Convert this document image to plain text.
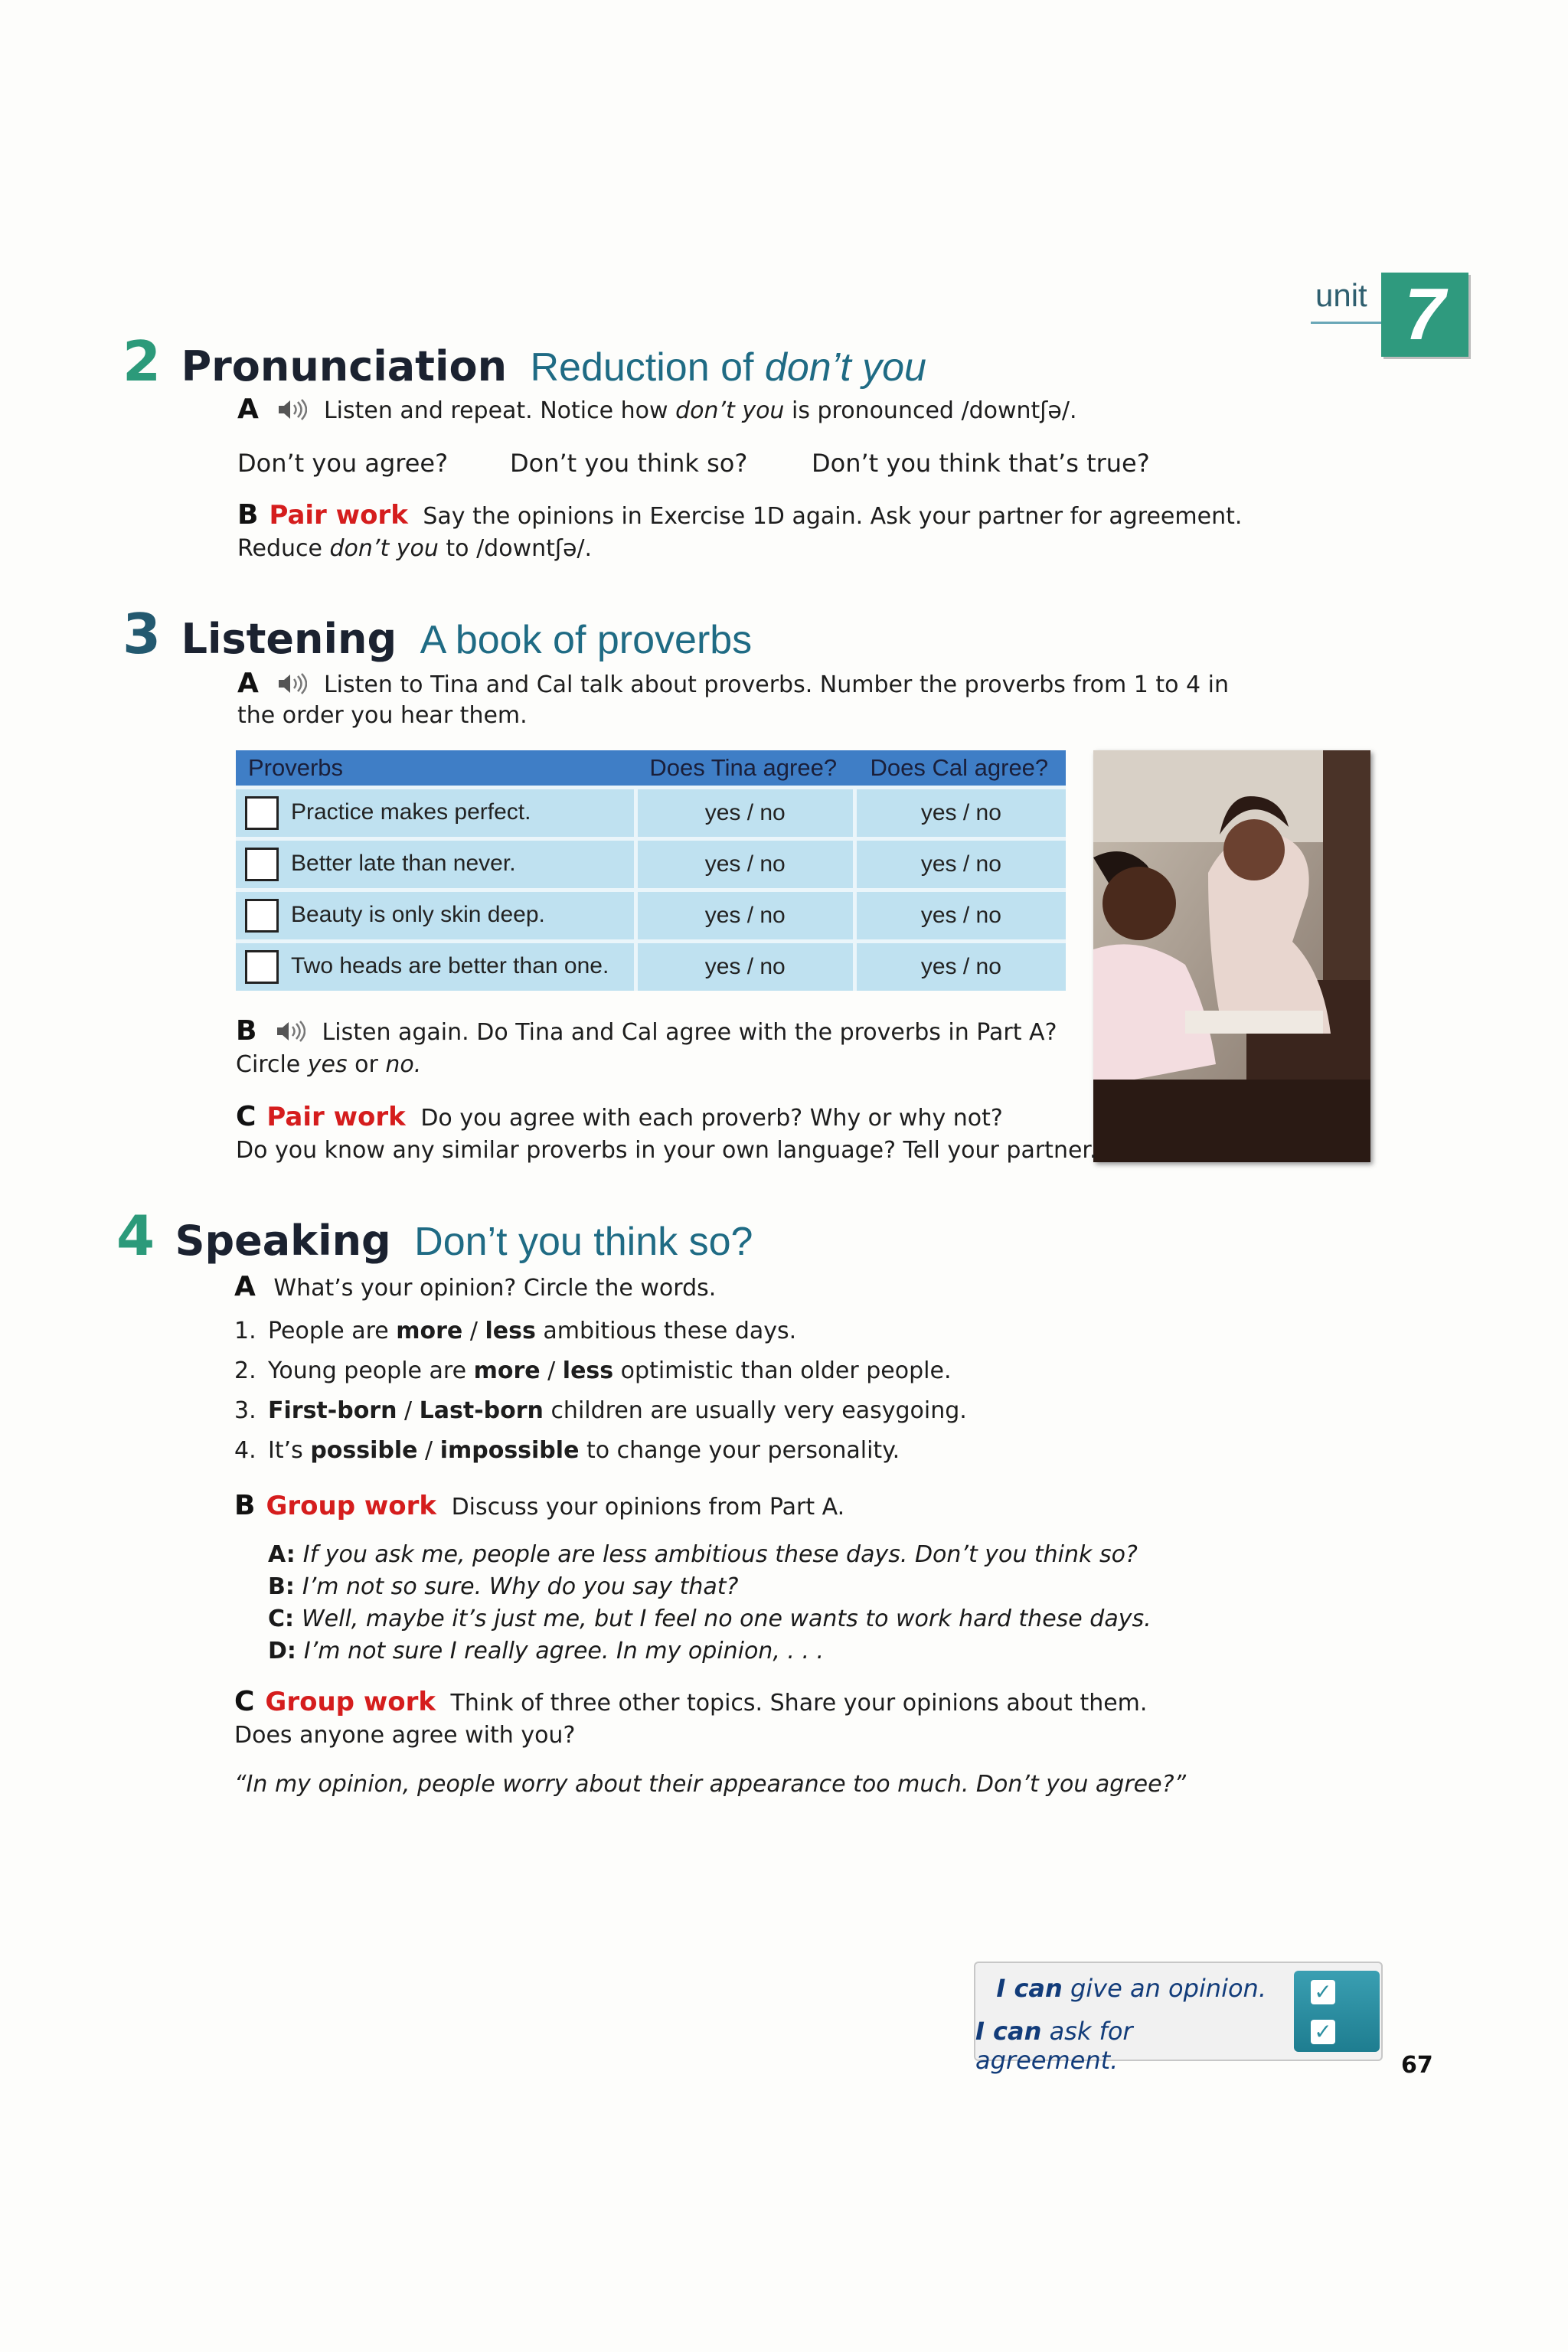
unit 7
2 Pronunciation Reduction of don’t you
A	Listen and repeat. Notice how don’t you is pronounced /downtʃə/.
Don’t you agree?	Don’t you think so?	Don’t you think that’s true?
B Pair work Say the opinions in Exercise 1D again. Ask your partner for agreement.
Reduce don’t you to /downtʃə/.
3 Listening A book of proverbs
A	Listen to Tina and Cal talk about proverbs. Number the proverbs from 1 to 4 in
the order you hear them.
Proverbs	Does Tina agree?	Does Cal agree?
Practice makes perfect.	yes / no	yes / no
Better late than never.	yes / no	yes / no
Beauty is only skin deep.	yes / no	yes / no
Two heads are better than one.	yes / no	yes / no
B	Listen again. Do Tina and Cal agree with the proverbs in Part A?
Circle yes or no.
C Pair work Do you agree with each proverb? Why or why not?
Do you know any similar proverbs in your own language? Tell your partner.
4 Speaking Don’t you think so?
A What’s your opinion? Circle the words.
1. People are more / less ambitious these days.
2. Young people are more / less optimistic than older people.
3. First-born / Last-born children are usually very easygoing.
4. It’s possible / impossible to change your personality.
B Group work Discuss your opinions from Part A.
A: If you ask me, people are less ambitious these days. Don’t you think so?
B: I’m not so sure. Why do you say that?
C: Well, maybe it’s just me, but I feel no one wants to work hard these days.
D: I’m not sure I really agree. In my opinion, . . .
C Group work Think of three other topics. Share your opinions about them.
Does anyone agree with you?
“In my opinion, people worry about their appearance too much. Don’t you agree?”
I can give an opinion.
I can ask for agreement.
✓
✓
67
